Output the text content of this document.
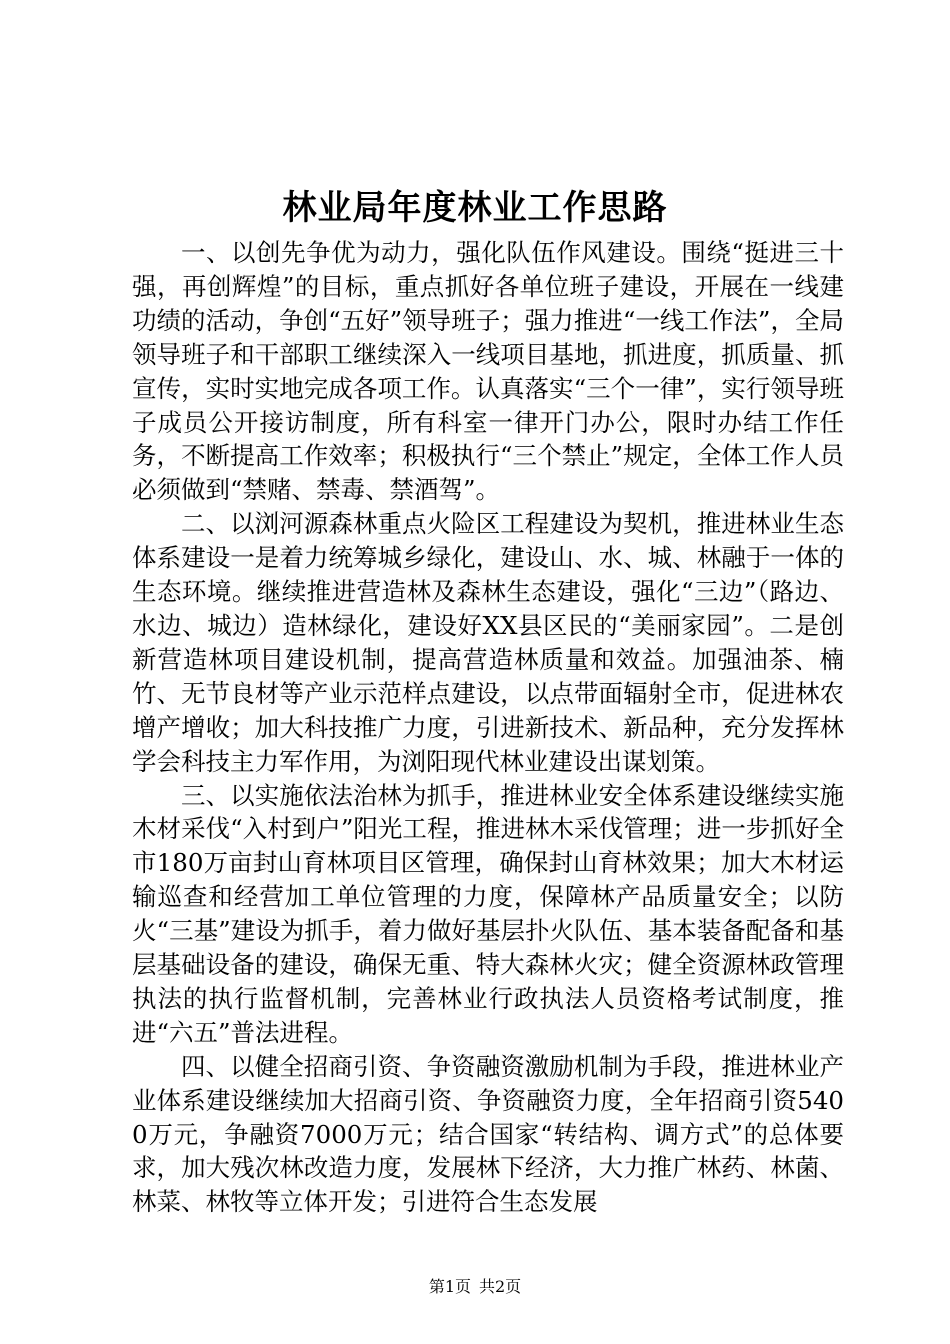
林业局年度林业工作思路

一、以创先争优为动力，强化队伍作风建设。围绕“挺进三十强，再创辉煌”的目标，重点抓好各单位班子建设，开展在一线建功绩的活动，争创“五好”领导班子；强力推进“一线工作法”，全局领导班子和干部职工继续深入一线项目基地，抓进度，抓质量、抓宣传，实时实地完成各项工作。认真落实“三个一律”，实行领导班子成员公开接访制度，所有科室一律开门办公，限时办结工作任务，不断提高工作效率；积极执行“三个禁止”规定，全体工作人员必须做到“禁赌、禁毒、禁酒驾”。

二、以浏河源森林重点火险区工程建设为契机，推进林业生态体系建设一是着力统筹城乡绿化，建设山、水、城、林融于一体的生态环境。继续推进营造林及森林生态建设，强化“三边”（路边、水边、城边）造林绿化，建设好XX县区民的“美丽家园”。二是创新营造林项目建设机制，提高营造林质量和效益。加强油茶、楠竹、无节良材等产业示范样点建设，以点带面辐射全市，促进林农增产增收；加大科技推广力度，引进新技术、新品种，充分发挥林学会科技主力军作用，为浏阳现代林业建设出谋划策。

三、以实施依法治林为抓手，推进林业安全体系建设继续实施木材采伐“入村到户”阳光工程，推进林木采伐管理；进一步抓好全市180万亩封山育林项目区管理，确保封山育林效果；加大木材运输巡查和经营加工单位管理的力度，保障林产品质量安全；以防火“三基”建设为抓手，着力做好基层扑火队伍、基本装备配备和基层基础设备的建设，确保无重、特大森林火灾；健全资源林政管理执法的执行监督机制，完善林业行政执法人员资格考试制度，推进“六五”普法进程。

四、以健全招商引资、争资融资激励机制为手段，推进林业产业体系建设继续加大招商引资、争资融资力度，全年招商引资5400万元，争融资7000万元；结合国家“转结构、调方式”的总体要求，加大残次林改造力度，发展林下经济，大力推广林药、林菌、林菜、林牧等立体开发；引进符合生态发展

第1页 共2页
